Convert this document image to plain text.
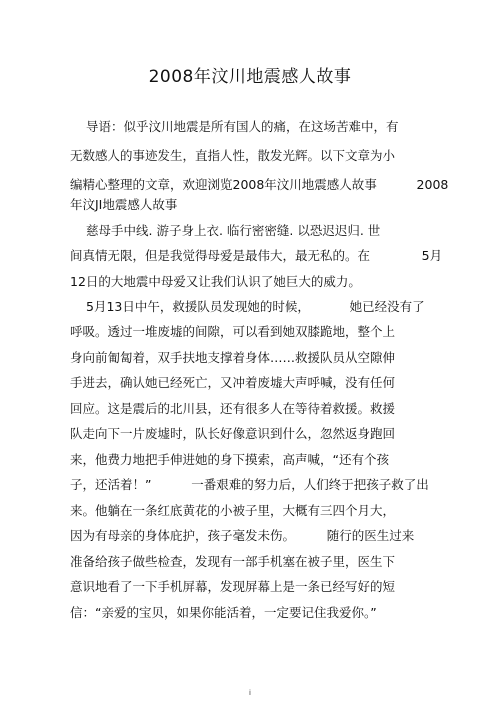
2008年汶川地震感人故事
导语：似乎汶川地震是所有国人的痛，在这场苦难中，有
无数感人的事迹发生，直指人性，散发光辉。以下文章为小
编精心整理的文章，欢迎浏览2008年汶川地震感人故事          2008
年汶JI地震感人故事
慈母手中线. 游子身上衣. 临行密密缝. 以恐迟迟归. 世
间真情无限，但是我觉得母爱是最伟大，最无私的。在             5月
12日的大地震中母爱又让我们认识了她巨大的威力。
5月13日中午，救援队员发现她的时候，          她已经没有了
呼吸。透过一堆废墟的间隙，可以看到她双膝跪地，整个上
身向前匍匐着，双手扶地支撑着身体……救援队员从空隙伸
手进去，确认她已经死亡，又冲着废墟大声呼喊，没有任何
回应。这是震后的北川县，还有很多人在等待着救援。救援
队走向下一片废墟时，队长好像意识到什么，忽然返身跑回
来，他费力地把手伸进她的身下摸索，高声喊，“还有个孩
子，还活着！”          一番艰难的努力后，人们终于把孩子救了出
来。他躺在一条红底黄花的小被子里，大概有三四个月大，
因为有母亲的身体庇护，孩子毫发未伤。        随行的医生过来
准备给孩子做些检查，发现有一部手机塞在被子里，医生下
意识地看了一下手机屏幕，发现屏幕上是一条已经写好的短
信：“亲爱的宝贝，如果你能活着，一定要记住我爱你。”
i
